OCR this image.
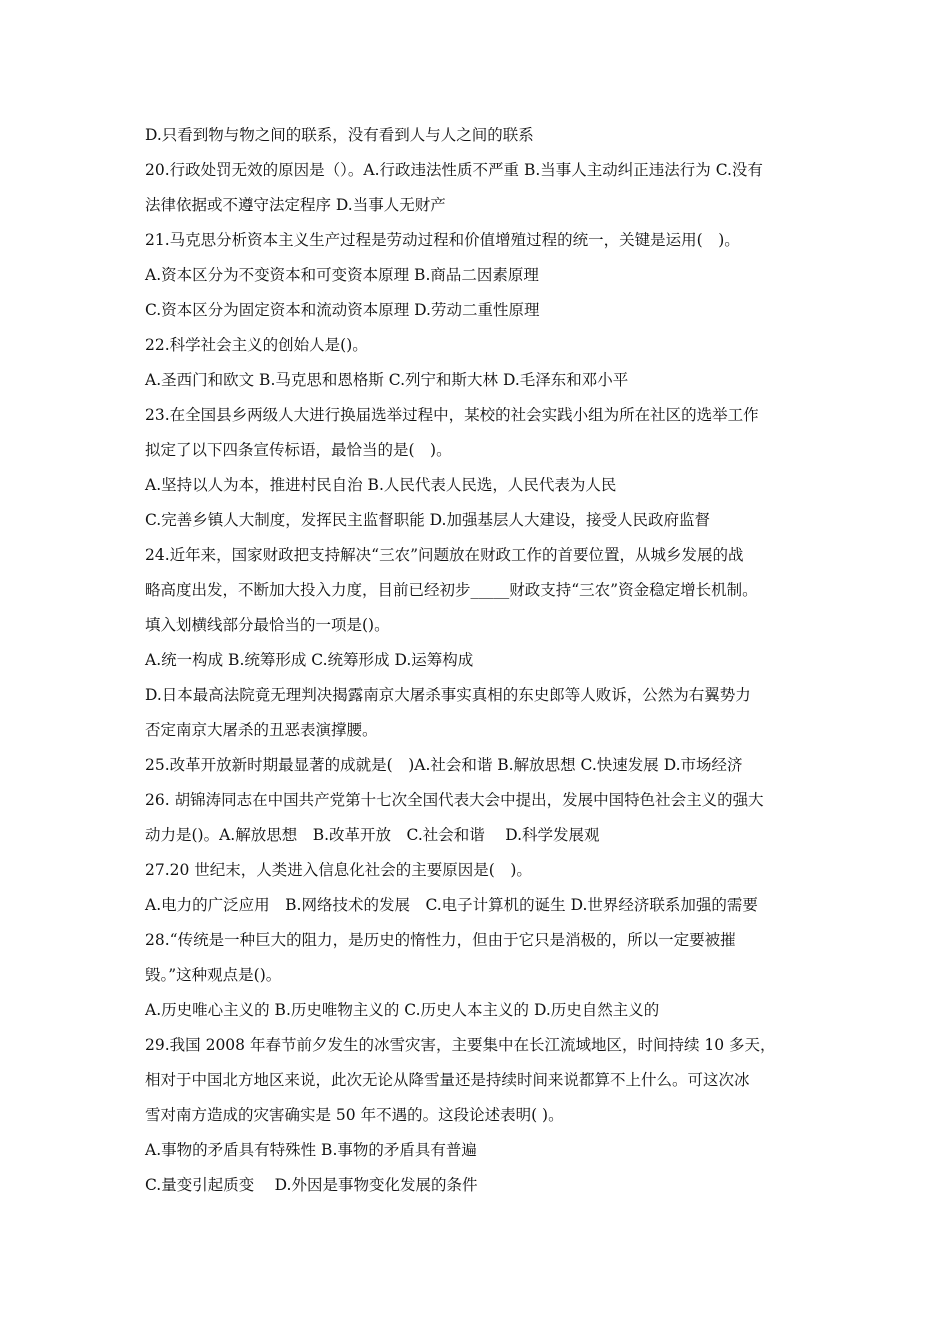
D.只看到物与物之间的联系，没有看到人与人之间的联系
20.行政处罚无效的原因是（）。A.行政违法性质不严重 B.当事人主动纠正违法行为 C.没有
法律依据或不遵守法定程序 D.当事人无财产
21.马克思分析资本主义生产过程是劳动过程和价值增殖过程的统一，关键是运用(　)。
A.资本区分为不变资本和可变资本原理 B.商品二因素原理
C.资本区分为固定资本和流动资本原理 D.劳动二重性原理
22.科学社会主义的创始人是()。
A.圣西门和欧文 B.马克思和恩格斯 C.列宁和斯大林 D.毛泽东和邓小平
23.在全国县乡两级人大进行换届选举过程中，某校的社会实践小组为所在社区的选举工作
拟定了以下四条宣传标语，最恰当的是(　)。
A.坚持以人为本，推进村民自治 B.人民代表人民选，人民代表为人民
C.完善乡镇人大制度，发挥民主监督职能 D.加强基层人大建设，接受人民政府监督
24.近年来，国家财政把支持解决“三农”问题放在财政工作的首要位置，从城乡发展的战
略高度出发，不断加大投入力度，目前已经初步_____财政支持“三农”资金稳定增长机制。
填入划横线部分最恰当的一项是()。
A.统一构成 B.统筹形成 C.统筹形成 D.运筹构成
D.日本最高法院竟无理判决揭露南京大屠杀事实真相的东史郎等人败诉，公然为右翼势力
否定南京大屠杀的丑恶表演撑腰。
25.改革开放新时期最显著的成就是(　)A.社会和谐 B.解放思想 C.快速发展 D.市场经济
26. 胡锦涛同志在中国共产党第十七次全国代表大会中提出，发展中国特色社会主义的强大
动力是()。A.解放思想　B.改革开放　C.社会和谐　 D.科学发展观
27.20 世纪末，人类进入信息化社会的主要原因是(　)。
A.电力的广泛应用　B.网络技术的发展　C.电子计算机的诞生 D.世界经济联系加强的需要
28.“传统是一种巨大的阻力，是历史的惰性力，但由于它只是消极的，所以一定要被摧
毁。”这种观点是()。
A.历史唯心主义的 B.历史唯物主义的 C.历史人本主义的 D.历史自然主义的
29.我国 2008 年春节前夕发生的冰雪灾害，主要集中在长江流域地区，时间持续 10 多天，
相对于中国北方地区来说，此次无论从降雪量还是持续时间来说都算不上什么。可这次冰
雪对南方造成的灾害确实是 50 年不遇的。这段论述表明( )。
A.事物的矛盾具有特殊性 B.事物的矛盾具有普遍
C.量变引起质变　 D.外因是事物变化发展的条件
